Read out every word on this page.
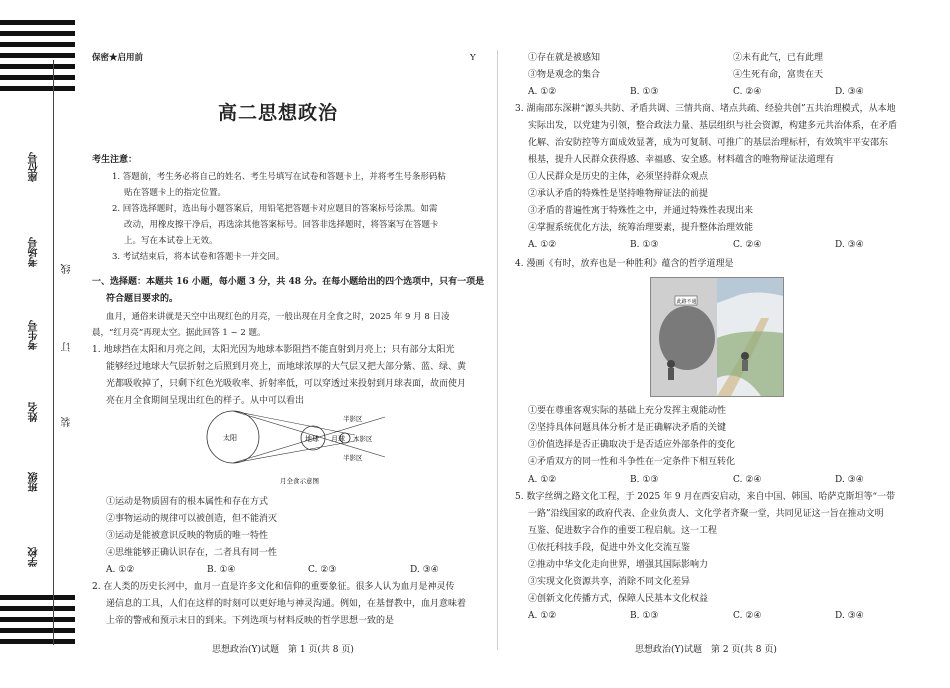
座位号
考场号
考生号
姓名
班级
学校
线
订
装
保密★启用前	Y
高二思想政治
考生注意：
1. 答题前，考生务必将自己的姓名、考生号填写在试卷和答题卡上，并将考生号条形码粘
贴在答题卡上的指定位置。
2. 回答选择题时，选出每小题答案后，用铅笔把答题卡对应题目的答案标号涂黑。如需
改动，用橡皮擦干净后，再选涂其他答案标号。回答非选择题时，将答案写在答题卡
上。写在本试卷上无效。
3. 考试结束后，将本试卷和答题卡一并交回。
一、选择题：本题共 16 小题，每小题 3 分，共 48 分。在每小题给出的四个选项中，只有一项是
符合题目要求的。
血月，通俗来讲就是天空中出现红色的月亮，一般出现在月全食之时，2025 年 9 月 8 日凌
晨，“红月亮”再现太空。据此回答 1 ~ 2 题。
1. 地球挡在太阳和月亮之间，太阳光因为地球本影阻挡不能直射到月亮上；只有部分太阳光
能够经过地球大气层折射之后照到月亮上，而地球浓厚的大气层又把大部分紫、蓝、绿、黄
光都吸收掉了，只剩下红色光吸收率、折射率低，可以穿透过来投射到月球表面，故而使月
亮在月全食期间呈现出红色的样子。从中可以看出
太阳	地球 月球 本影区
半影区
半影区
月全食示意图
①运动是物质固有的根本属性和存在方式
②事物运动的规律可以被创造，但不能消灭
③运动是能被意识反映的物质的唯一特性
④思维能够正确认识存在，二者具有同一性
A. ①②	B. ①④	C. ②③	D. ③④
2. 在人类的历史长河中，血月一直是许多文化和信仰的重要象征。很多人认为血月是神灵传
递信息的工具，人们在这样的时刻可以更好地与神灵沟通。例如，在基督教中，血月意味着
上帝的警戒和预示末日的到来。下列选项与材料反映的哲学思想一致的是
思想政治(Y)试题　第 1 页(共 8 页)
①存在就是被感知	②未有此气，已有此理
③物是观念的集合	④生死有命，富贵在天
A. ①②	B. ①③	C. ②④	D. ③④
3. 湖南邵东深耕“源头共防、矛盾共调、三情共商、堵点共疏、经验共创”五共治理模式，从本地
实际出发，以党建为引领，整合政法力量、基层组织与社会资源，构建多元共治体系，在矛盾
化解、治安防控等方面成效显著，成为可复制、可推广的基层治理标杆，有效筑牢平安邵东
根基，提升人民群众获得感、幸福感、安全感。材料蕴含的唯物辩证法道理有
①人民群众是历史的主体，必须坚持群众观点
②承认矛盾的特殊性是坚持唯物辩证法的前提
③矛盾的普遍性寓于特殊性之中，并通过特殊性表现出来
④掌握系统优化方法，统筹治理要素，提升整体治理效能
A. ①②	B. ①③	C. ②④	D. ③④
4. 漫画《有时，放弃也是一种胜利》蕴含的哲学道理是
此路不通
①要在尊重客观实际的基础上充分发挥主观能动性
②坚持具体问题具体分析才是正确解决矛盾的关键
③价值选择是否正确取决于是否适应外部条件的变化
④矛盾双方的同一性和斗争性在一定条件下相互转化
A. ①②	B. ①③	C. ②④	D. ③④
5. 数字丝绸之路文化工程，于 2025 年 9 月在西安启动，来自中国、韩国、哈萨克斯坦等“一带
一路”沿线国家的政府代表、企业负责人、文化学者齐聚一堂，共同见证这一旨在推动文明
互鉴、促进数字合作的重要工程启航。这一工程
①依托科技手段，促进中外文化交流互鉴
②推动中华文化走向世界，增强其国际影响力
③实现文化资源共享，消除不同文化差异
④创新文化传播方式，保障人民基本文化权益
A. ①②	B. ①③	C. ②④	D. ③④
思想政治(Y)试题　第 2 页(共 8 页)
